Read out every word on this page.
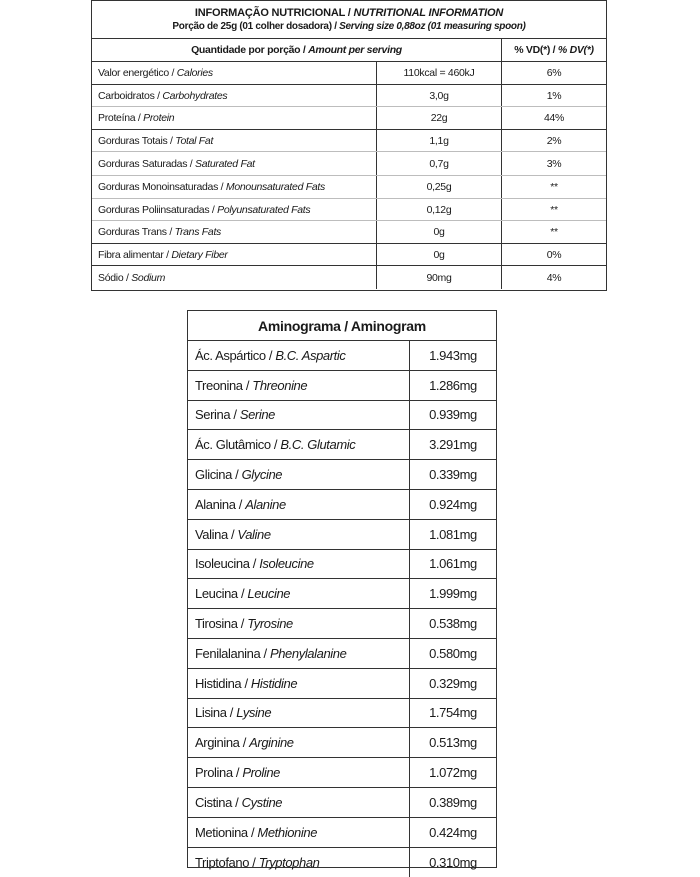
INFORMAÇÃO NUTRICIONAL / NUTRITIONAL INFORMATION
Porção de 25g (01 colher dosadora) / Serving size 0,88oz (01 measuring spoon)
Quantidade por porção / Amount per serving	% VD(*) / % DV(*)
Valor energético / Calories	110kcal = 460kJ	6%
Carboidratos / Carbohydrates	3,0g	1%
Proteína / Protein	22g	44%
Gorduras Totais / Total Fat	1,1g	2%
Gorduras Saturadas / Saturated Fat	0,7g	3%
Gorduras Monoinsaturadas / Monounsaturated Fats	0,25g	**
Gorduras Poliinsaturadas / Polyunsaturated Fats	0,12g	**
Gorduras Trans / Trans Fats	0g	**
Fibra alimentar / Dietary Fiber	0g	0%
Sódio / Sodium	90mg	4%
Aminograma / Aminogram
Ác. Aspártico / B.C. Aspartic	1.943mg
Treonina / Threonine	1.286mg
Serina / Serine	0.939mg
Ác. Glutâmico / B.C. Glutamic	3.291mg
Glicina / Glycine	0.339mg
Alanina / Alanine	0.924mg
Valina / Valine	1.081mg
Isoleucina / Isoleucine	1.061mg
Leucina / Leucine	1.999mg
Tirosina / Tyrosine	0.538mg
Fenilalanina / Phenylalanine	0.580mg
Histidina / Histidine	0.329mg
Lisina / Lysine	1.754mg
Arginina / Arginine	0.513mg
Prolina / Proline	1.072mg
Cistina / Cystine	0.389mg
Metionina / Methionine	0.424mg
Triptofano / Tryptophan	0.310mg
